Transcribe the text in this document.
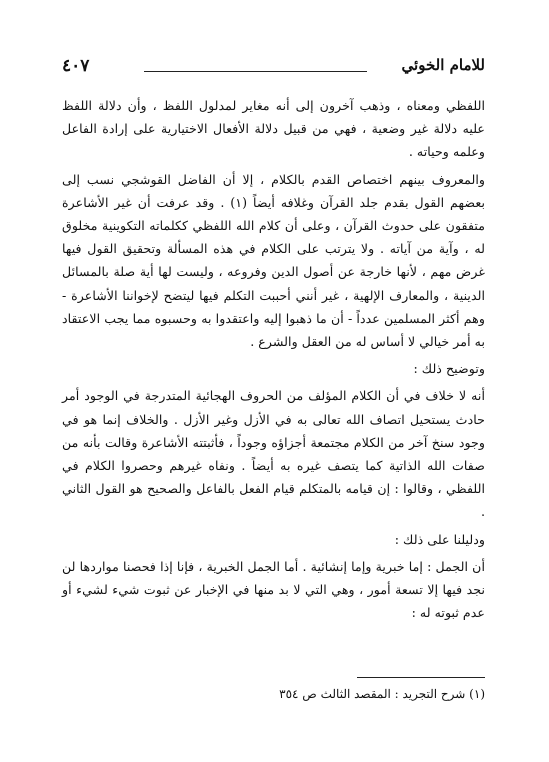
٤٠٧	للامام الخوئي

اللفظي ومعناه ، وذهب آخرون إلى أنه مغاير لمدلول اللفظ ، وأن دلالة اللفظ عليه دلالة غير وضعية ، فهي من قبيل دلالة الأفعال الاختيارية على إرادة الفاعل وعلمه وحياته .

والمعروف بينهم اختصاص القدم بالكلام ، إلا أن الفاضل القوشجي نسب إلى بعضهم القول بقدم جلد القرآن وغلافه أيضاً (١) . وقد عرفت أن غير الأشاعرة متفقون على حدوث القرآن ، وعلى أن كلام الله اللفظي ككلماته التكوينية مخلوق له ، وآية من آياته . ولا يترتب على الكلام في هذه المسألة وتحقيق القول فيها غرض مهم ، لأنها خارجة عن أصول الدين وفروعه ، وليست لها أية صلة بالمسائل الدينية ، والمعارف الإلهية ، غير أنني أحببت التكلم فيها ليتضح لإخواننا الأشاعرة - وهم أكثر المسلمين عدداً - أن ما ذهبوا إليه واعتقدوا به وحسبوه مما يجب الاعتقاد به أمر خيالي لا أساس له من العقل والشرع .

وتوضيح ذلك :

أنه لا خلاف في أن الكلام المؤلف من الحروف الهجائية المتدرجة في الوجود أمر حادث يستحيل اتصاف الله تعالى به في الأزل وغير الأزل . والخلاف إنما هو في وجود سنخ آخر من الكلام مجتمعة أجزاؤه وجوداً ، فأثبتته الأشاعرة وقالت بأنه من صفات الله الذاتية كما يتصف غيره به أيضاً . ونفاه غيرهم وحصروا الكلام في اللفظي ، وقالوا : إن قيامه بالمتكلم قيام الفعل بالفاعل والصحيح هو القول الثاني .

ودليلنا على ذلك :

أن الجمل : إما خبرية وإما إنشائية . أما الجمل الخبرية ، فإنا إذا فحصنا مواردها لن نجد فيها إلا تسعة أمور ، وهي التي لا بد منها في الإخبار عن ثبوت شيء لشيء أو عدم ثبوته له :

(١) شرح التجريد : المقصد الثالث ص ٣٥٤
